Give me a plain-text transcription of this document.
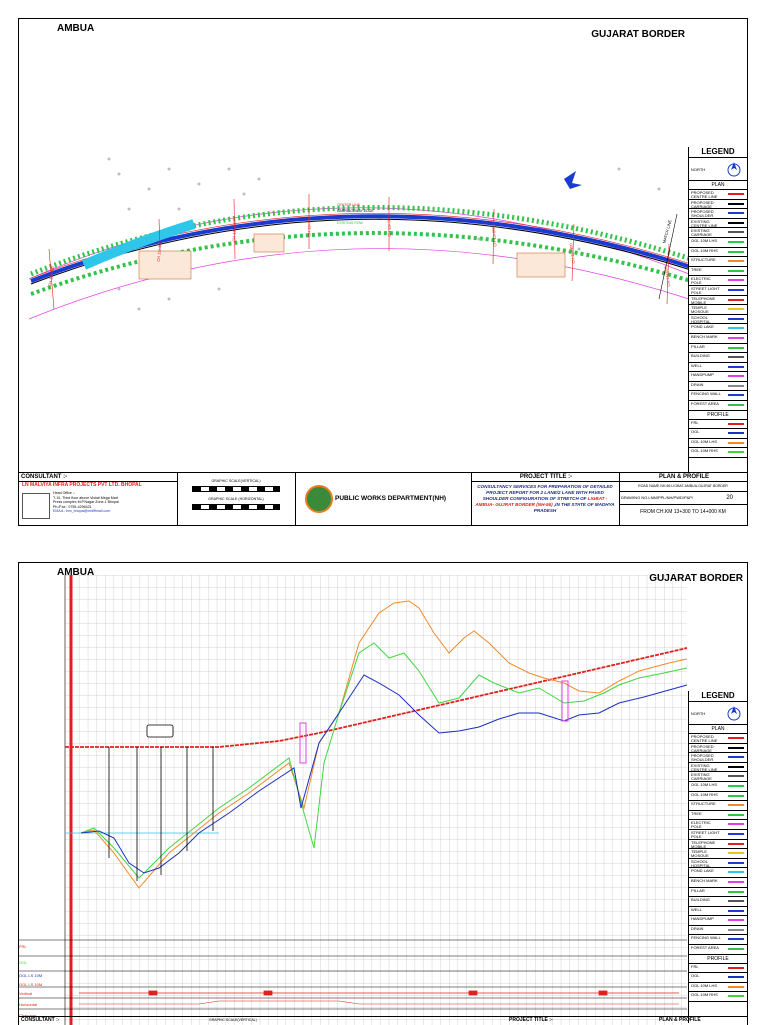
AMBUA
GUJARAT BORDER
CH 13+300
CH 13+400
CH 13+500	CH 13+600	CH 13+700	CH 13+800
CH 13+900
CH 14+000
CENTER LINE
CARRIAGEWAY EDGE
PAVED SHOULDER
EXISTING ROW	MATCH LINE
LEGEND
NORTH
PLAN
PROPOSED CENTRE LINE
PROPOSED CARRIAGE
PROPOSED SHOULDER
EXISTING CENTRE LINE
EXISTING CARRIAGE
OGL 10M LHS
OGL 10M RHS
STRUCTURE
TREE
ELECTRIC POLE
STREET LIGHT POLE
TELEPHONE MOBILE
TEMPLE MOSQUE
SCHOOL HOSPITAL
POND LAKE
BENCH MARK
PILLAR
BUILDING
WELL
HANDPUMP
DRAIN
FENCING WALL
FOREST AREA
PROFILE
FRL
OGL
OGL 10M LHS
OGL 10M RHS
CONSULTANT :-
LN MALVIYA INFRA PROJECTS PVT LTD. BHOPAL
Head Office :-
T-10, Third floor above Vishal Mega Mart
Press complex M.P.Nagar Zone-1 Bhopal
Ph./Fax : 0755-4296421
EMAIL: lnm_bhopal@rediffmail.com
GRAPHIC SCALE(VERTICAL)
GRAPHIC SCALE (HORIZONTAL)	PUBLIC WORKS DEPARTMENT(NH)
PROJECT TITLE :-
CONSULTANCY SERVICES FOR PREPARATION OF DETAILED PROJECT REPORT FOR 2 LANE/2 LANE WITH PAVED SHOULDER CONFIGURATION OF STRETCH OF LIGBAT - AMBUA- GUJRAT BORDER (NH-56) ,IN THE STATE OF MADHYA PRADESH
PLAN & PROFILE
ROAD NAME NH-56 LIGBAT-AMBUA-GUJRAT BORDER
DRAWING NO.LNMIPPL/NH/PWD/P&P/	20
FROM CH.KM 13+300 TO 14+000 KM
AMBUA
GUJARAT BORDER
FRL
OGL
OGL LS 10M
OGL LS 10M
Vertical
Horizontal
Chainage
LEGEND
NORTH
PLAN
PROPOSED CENTRE LINE
PROPOSED CARRIAGE
PROPOSED SHOULDER
EXISTING CENTRE LINE
EXISTING CARRIAGE
OGL 10M LHS
OGL 10M RHS
STRUCTURE
TREE
ELECTRIC POLE
STREET LIGHT POLE
TELEPHONE MOBILE
TEMPLE MOSQUE
SCHOOL HOSPITAL
POND LAKE
BENCH MARK
PILLAR
BUILDING
WELL
HANDPUMP
DRAIN
FENCING WALL
FOREST AREA
PROFILE
FRL
OGL
OGL 10M LHS
OGL 10M RHS
CONSULTANT :-	GRAPHIC SCALE(VERTICAL)	PROJECT TITLE :-	PLAN & PROFILE
